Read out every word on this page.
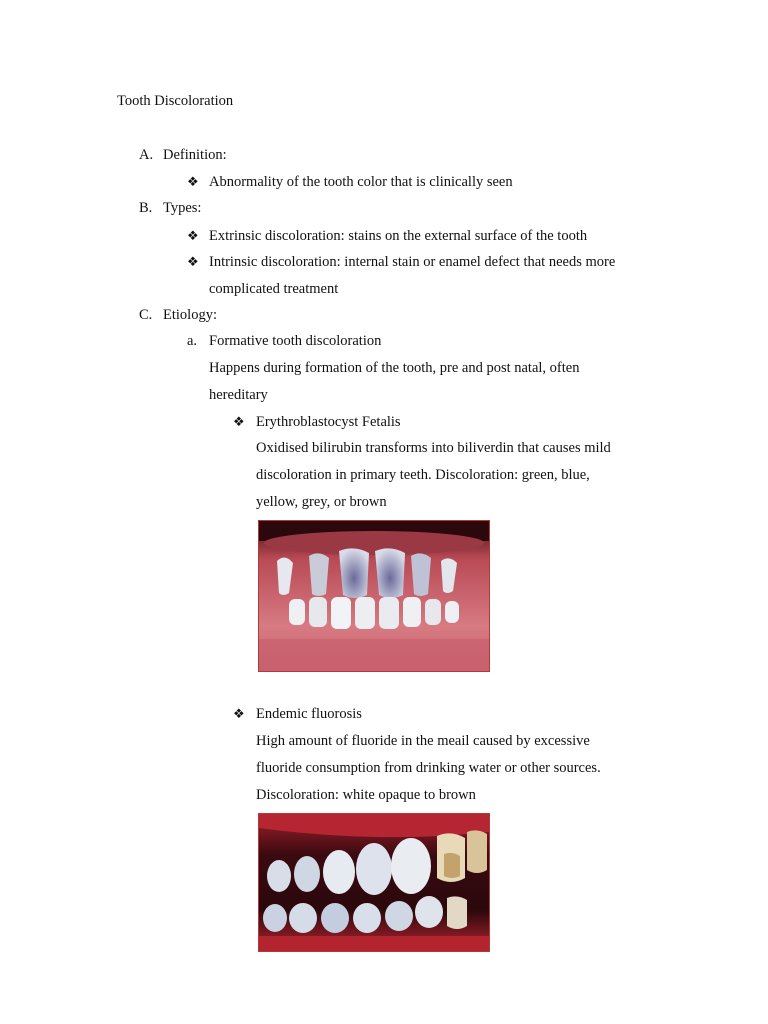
Tooth Discoloration
A. Definition:
❖ Abnormality of the tooth color that is clinically seen
B. Types:
❖ Extrinsic discoloration: stains on the external surface of the tooth
❖ Intrinsic discoloration: internal stain or enamel defect that needs more
complicated treatment
C. Etiology:
a. Formative tooth discoloration
Happens during formation of the tooth, pre and post natal, often
hereditary
❖ Erythroblastocyst Fetalis
Oxidised bilirubin transforms into biliverdin that causes mild
discoloration in primary teeth. Discoloration: green, blue,
yellow, grey, or brown
❖ Endemic fluorosis
High amount of fluoride in the meail caused by excessive
fluoride consumption from drinking water or other sources.
Discoloration: white opaque to brown
